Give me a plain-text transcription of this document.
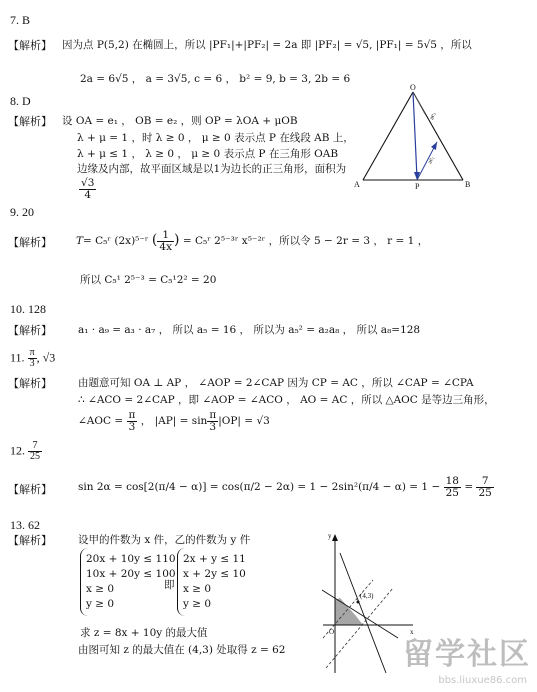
7. B
【解析】 因为点 P(5,2) 在椭圆上，所以 |PF₁|+|PF₂| = 2a 即 |PF₂| = √5, |PF₁| = 5√5 ，所以
2a = 6√5 ， a = 3√5, c = 6 ， b² = 9, b = 3, 2b = 6
8. D
【解析】 设 OA = e₁ ， OB = e₂ ，则 OP = λOA + μOB
λ + μ = 1 ，时 λ ≥ 0 ， μ ≥ 0 表示点 P 在线段 AB 上，
λ + μ ≤ 1 ， λ ≥ 0 ， μ ≥ 0 表示点 P 在三角形 OAB
边缘及内部，故平面区域是以1为边长的正三角形，面积为
$\frac{√3}{4}$
O
A	B
P
ae₂
ae₁
9. 20
【解析】 T= C₅ʳ (2x)⁵⁻ʳ ( $\frac{1}{4x}$ ) = C₅ʳ 2⁵⁻³ʳ x⁵⁻²ʳ ，所以令 5 − 2r = 3 ， r = 1 ，
所以 C₅¹ 2⁵⁻³ = C₅¹2² = 20
10. 128
【解析】 a₁ · a₉ = a₃ · a₇ ， 所以 a₅ = 16 ， 所以为 a₅² = a₂a₈ ， 所以 a₈=128
11. $\frac{\pi}{3}$ , √3
【解析】 由题意可知 OA ⊥ AP ， ∠AOP = 2∠CAP 因为 CP = AC ，所以 ∠CAP = ∠CPA
∴ ∠ACO = 2∠CAP ，即 ∠AOP = ∠ACO ， AO = AC ，所以 △AOC 是等边三角形，
∠AOC = $\frac{\pi}{3}$ ， $|AP| = \sin \frac{\pi}{3} |OP| = √3$
12. $\frac{7}{25}$
【解析】 $\sin 2\alpha = \cos[2(\pi/4 - \alpha)] = \cos(\pi/2 - 2\alpha) = 1 - 2\sin^2(\pi/4 - \alpha) = 1 - \frac{18}{25} = \frac{7}{25}$
13. 62
【解析】 设甲的件数为 x 件，乙的件数为 y 件
20x + 10y ≤ 110
10x + 20y ≤ 100
x ≥ 0
y ≥ 0
即
2x + y ≤ 11
x + 2y ≤ 10
x ≥ 0
y ≥ 0
求 z = 8x + 10y 的最大值
由图可知 z 的最大值在 (4,3) 处取得 z = 62
y
x
O
(4,3)
留学社区
bbs.liuxue86.com
